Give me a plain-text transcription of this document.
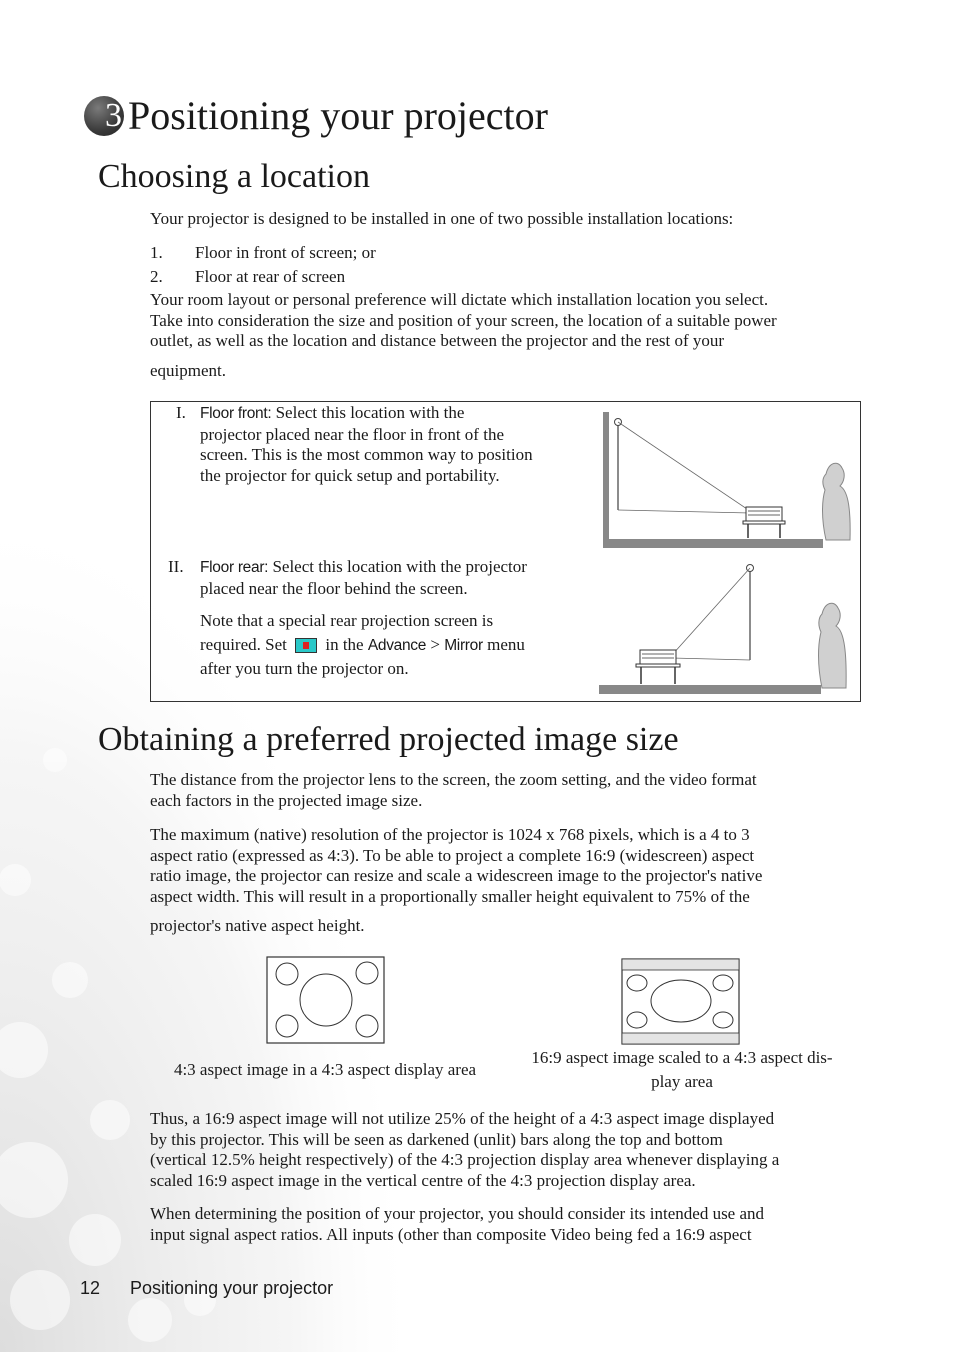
3 Positioning your projector
Choosing a location
Your projector is designed to be installed in one of two possible installation locations:
1. Floor in front of screen; or
2. Floor at rear of screen
Your room layout or personal preference will dictate which installation location you select.
Take into consideration the size and position of your screen, the location of a suitable power
outlet, as well as the location and distance between the projector and the rest of your
equipment.
I. Floor front: Select this location with the
projector placed near the floor in front of the
screen. This is the most common way to position
the projector for quick setup and portability.
II. Floor rear: Select this location with the projector
placed near the floor behind the screen.
Note that a special rear projection screen is
required. Set in the Advance > Mirror menu
after you turn the projector on.
Obtaining a preferred projected image size
The distance from the projector lens to the screen, the zoom setting, and the video format
each factors in the projected image size.
The maximum (native) resolution of the projector is 1024 x 768 pixels, which is a 4 to 3
aspect ratio (expressed as 4:3). To be able to project a complete 16:9 (widescreen) aspect
ratio image, the projector can resize and scale a widescreen image to the projector's native
aspect width. This will result in a proportionally smaller height equivalent to 75% of the
projector's native aspect height.
4:3 aspect image in a 4:3 aspect display area
16:9 aspect image scaled to a 4:3 aspect dis-
play area
Thus, a 16:9 aspect image will not utilize 25% of the height of a 4:3 aspect image displayed
by this projector. This will be seen as darkened (unlit) bars along the top and bottom
(vertical 12.5% height respectively) of the 4:3 projection display area whenever displaying a
scaled 16:9 aspect image in the vertical centre of the 4:3 projection display area.
When determining the position of your projector, you should consider its intended use and
input signal aspect ratios. All inputs (other than composite Video being fed a 16:9 aspect
12 Positioning your projector
